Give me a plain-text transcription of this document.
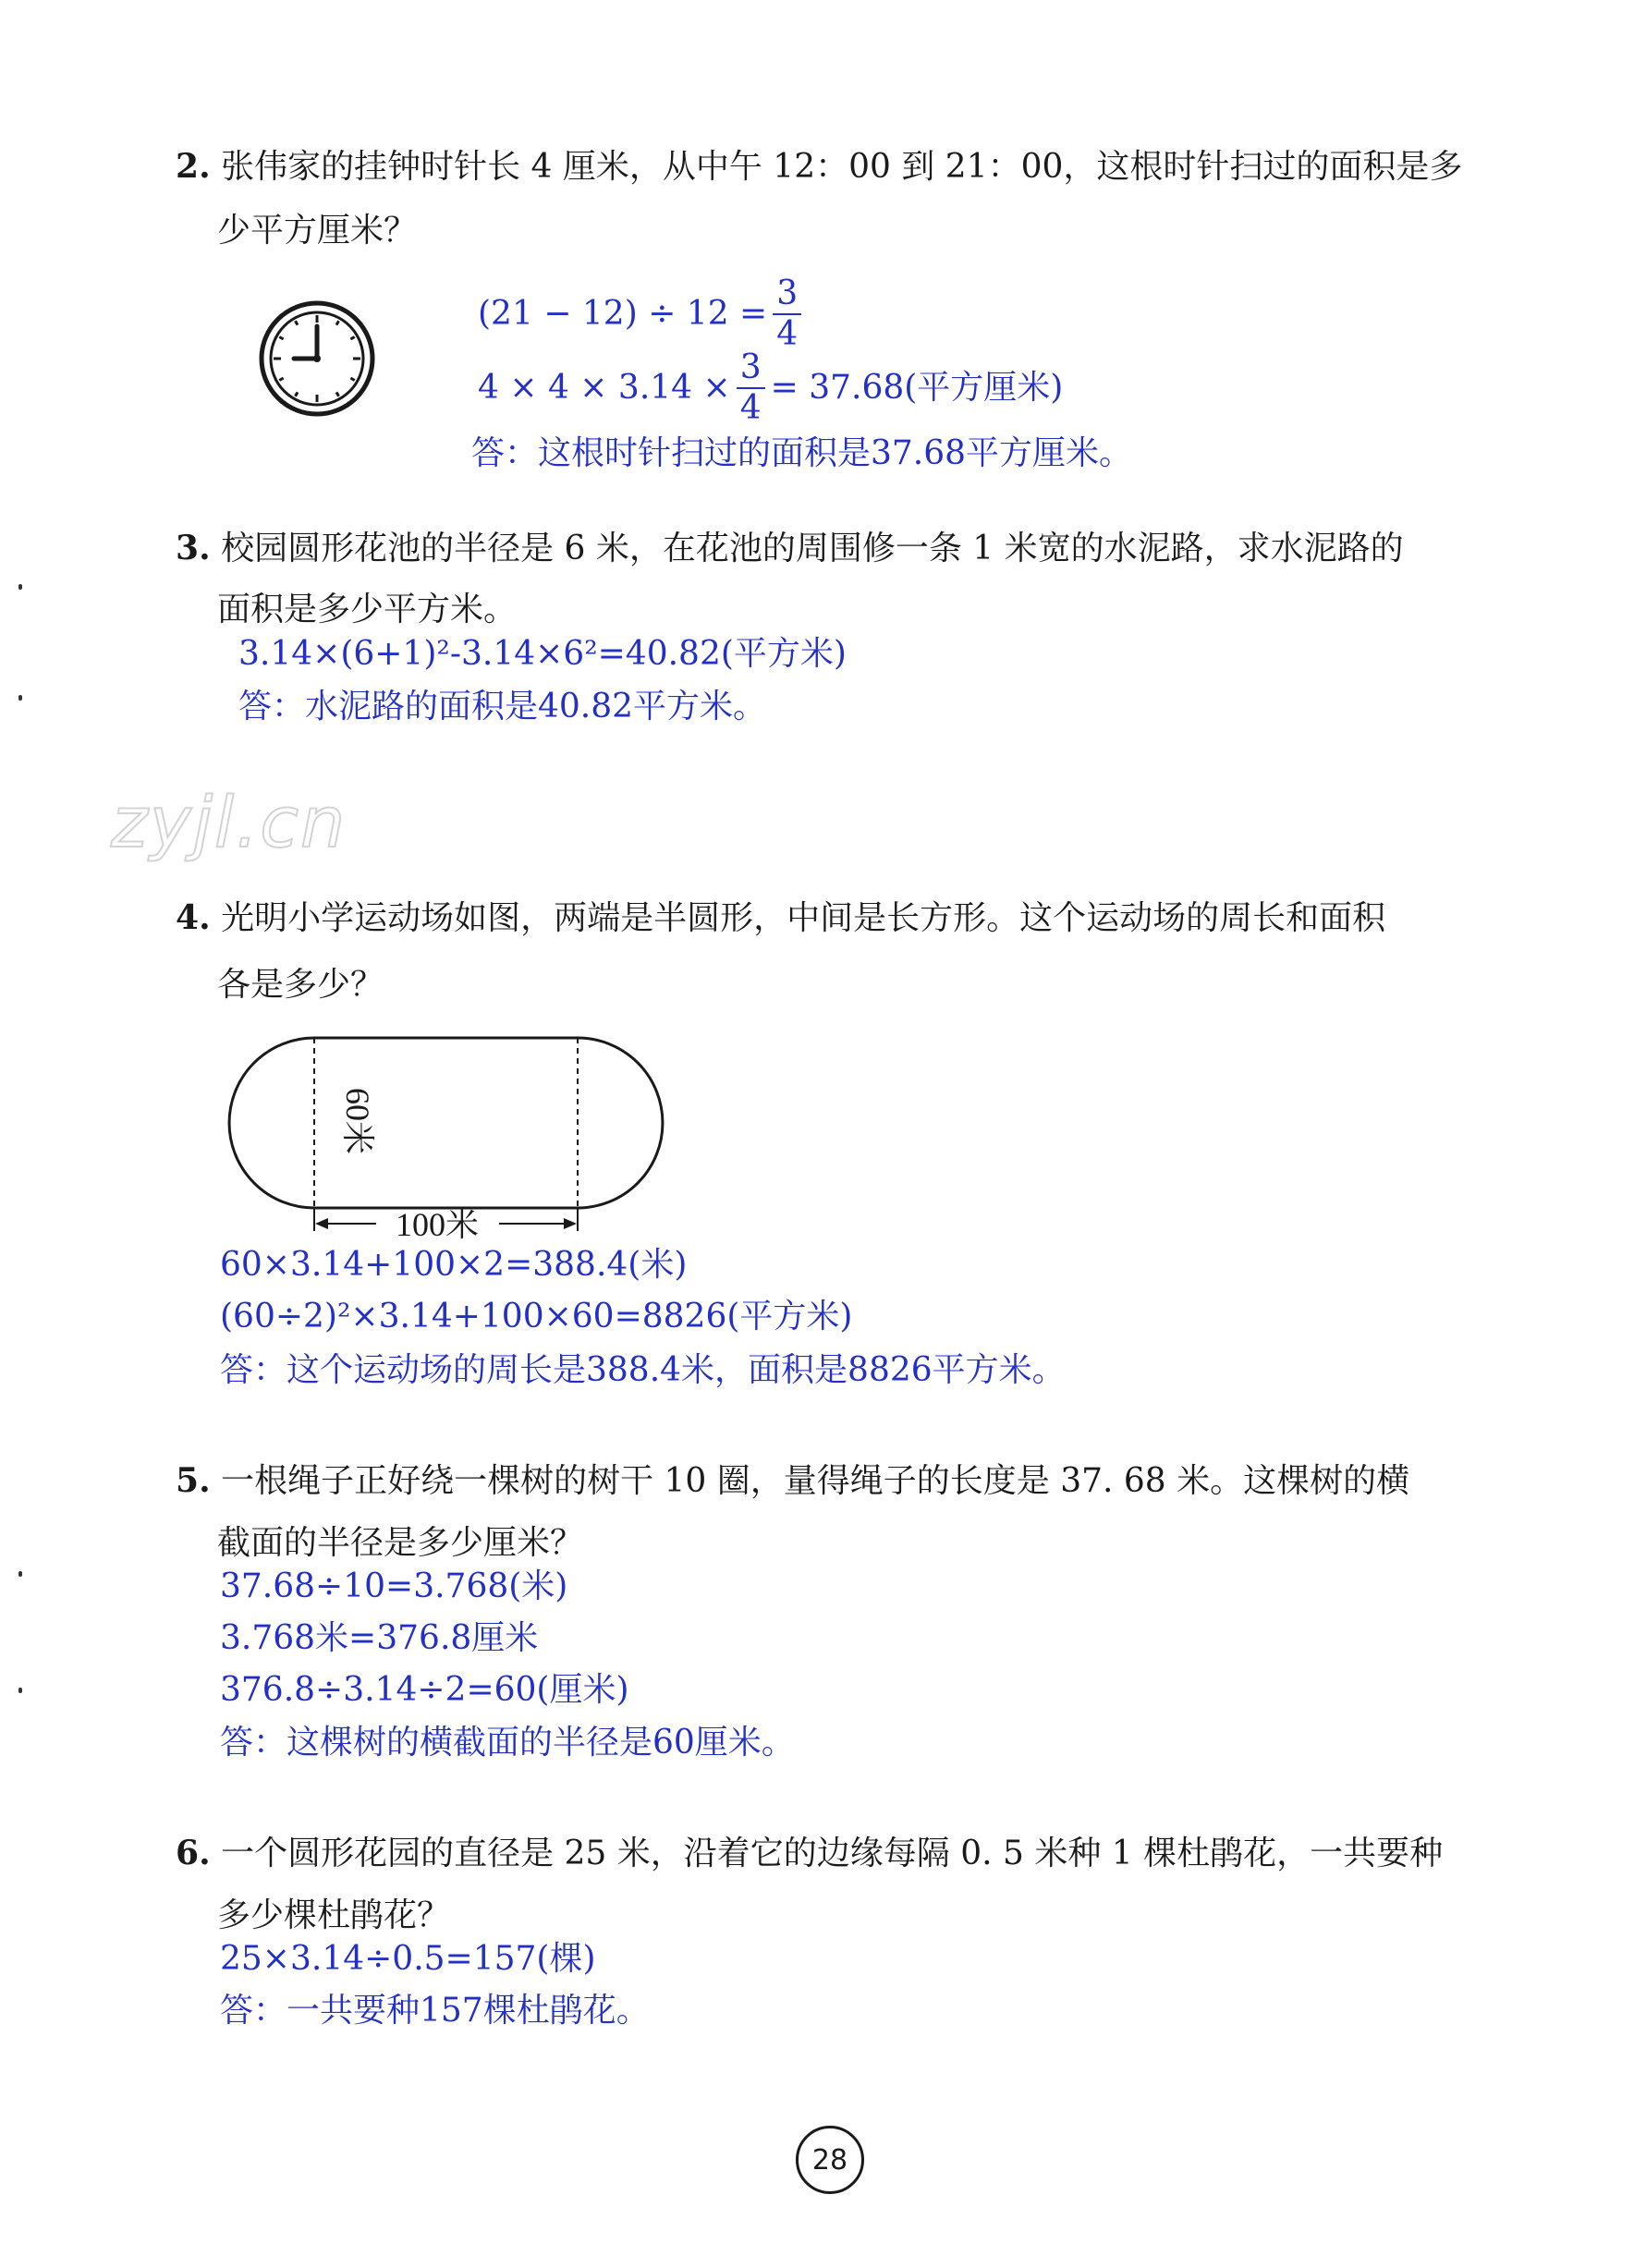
2. 张伟家的挂钟时针长 4 厘米，从中午 12：00 到 21：00，这根时针扫过的面积是多
少平方厘米？
$(21 - 12) \div 12 = \frac{3}{4}$
$4 \times 4 \times 3.14 \times \frac{3}{4} = 37.68$(平方厘米)
答：这根时针扫过的面积是37.68平方厘米。
3. 校园圆形花池的半径是 6 米，在花池的周围修一条 1 米宽的水泥路，求水泥路的
面积是多少平方米。
3.14×(6+1)²-3.14×6²=40.82(平方米)
答：水泥路的面积是40.82平方米。
zyjl.cn
4. 光明小学运动场如图，两端是半圆形，中间是长方形。这个运动场的周长和面积
各是多少？
100米
60米
60×3.14+100×2=388.4(米)
(60÷2)²×3.14+100×60=8826(平方米)
答：这个运动场的周长是388.4米，面积是8826平方米。
5. 一根绳子正好绕一棵树的树干 10 圈，量得绳子的长度是 37. 68 米。这棵树的横
截面的半径是多少厘米？
37.68÷10=3.768(米)
3.768米=376.8厘米
376.8÷3.14÷2=60(厘米)
答：这棵树的横截面的半径是60厘米。
6. 一个圆形花园的直径是 25 米，沿着它的边缘每隔 0. 5 米种 1 棵杜鹃花，一共要种
多少棵杜鹃花？
25×3.14÷0.5=157(棵)
答：一共要种157棵杜鹃花。
28
